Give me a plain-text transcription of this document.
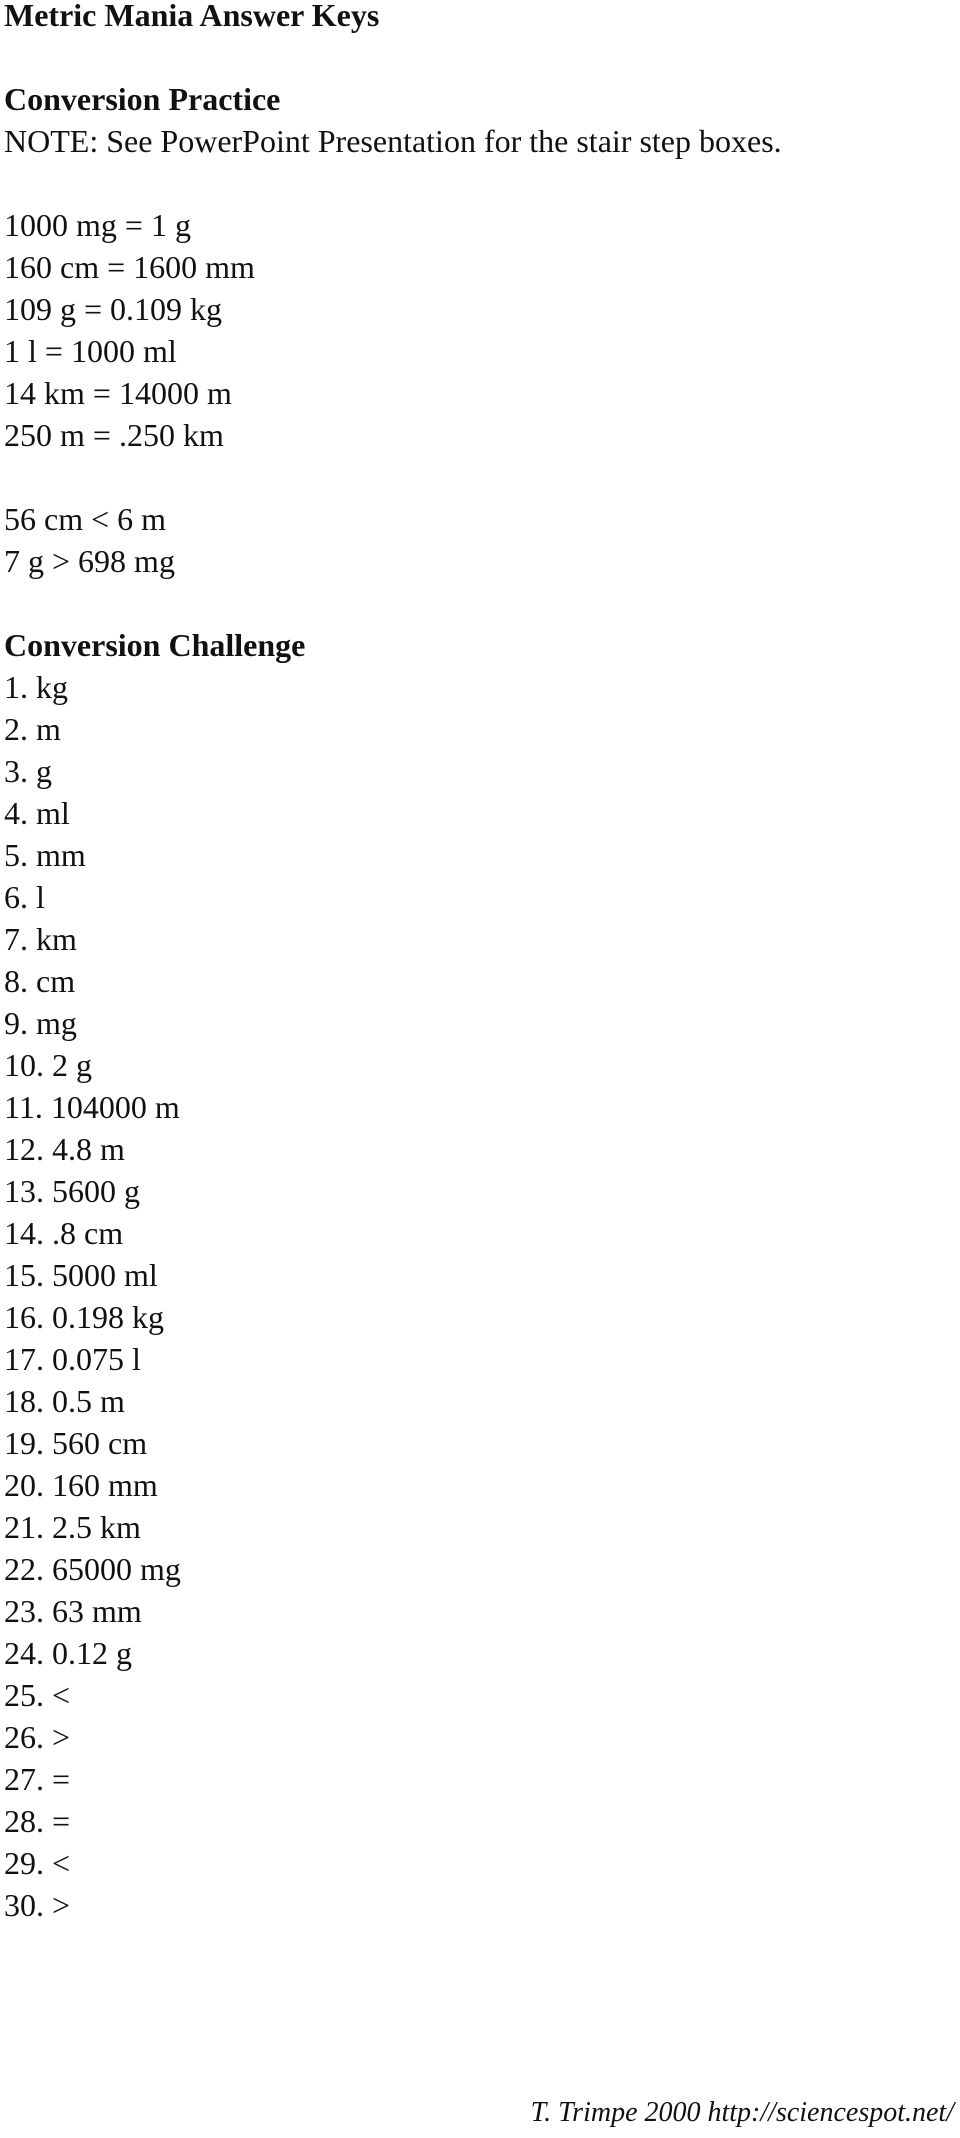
Metric Mania Answer Keys
Conversion Practice
NOTE: See PowerPoint Presentation for the stair step boxes.
1000 mg = 1 g
160 cm = 1600 mm
109 g = 0.109 kg
1 l = 1000 ml
14 km = 14000 m
250 m = .250 km
56 cm < 6 m
7 g > 698 mg
Conversion Challenge
1. kg
2. m
3. g
4. ml
5. mm
6. l
7. km
8. cm
9. mg
10. 2 g
11. 104000 m
12. 4.8 m
13. 5600 g
14. .8 cm
15. 5000 ml
16. 0.198 kg
17. 0.075 l
18. 0.5 m
19. 560 cm
20. 160 mm
21. 2.5 km
22. 65000 mg
23. 63 mm
24. 0.12 g
25. <
26. >
27. =
28. =
29. <
30. >
T. Trimpe 2000 http://sciencespot.net/
